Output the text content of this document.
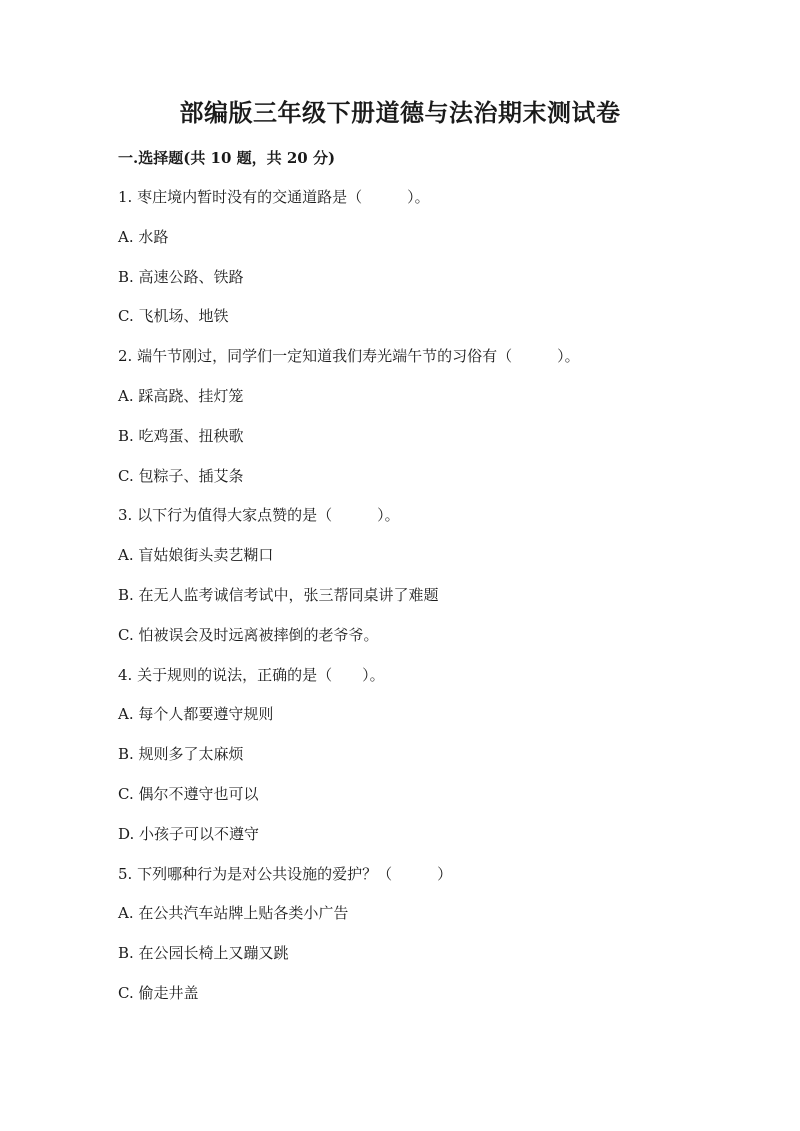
部编版三年级下册道德与法治期末测试卷
一.选择题(共 10 题，共 20 分)
1. 枣庄境内暂时没有的交通道路是（　　　）。
A. 水路
B. 高速公路、铁路
C. 飞机场、地铁
2. 端午节刚过，同学们一定知道我们寿光端午节的习俗有（　　　）。
A. 踩高跷、挂灯笼
B. 吃鸡蛋、扭秧歌
C. 包粽子、插艾条
3. 以下行为值得大家点赞的是（　　　）。
A. 盲姑娘街头卖艺糊口
B. 在无人监考诚信考试中，张三帮同桌讲了难题
C. 怕被误会及时远离被摔倒的老爷爷。
4. 关于规则的说法，正确的是（　　）。
A. 每个人都要遵守规则
B. 规则多了太麻烦
C. 偶尔不遵守也可以
D. 小孩子可以不遵守
5. 下列哪种行为是对公共设施的爱护？（　　　）
A. 在公共汽车站牌上贴各类小广告
B. 在公园长椅上又蹦又跳
C. 偷走井盖
